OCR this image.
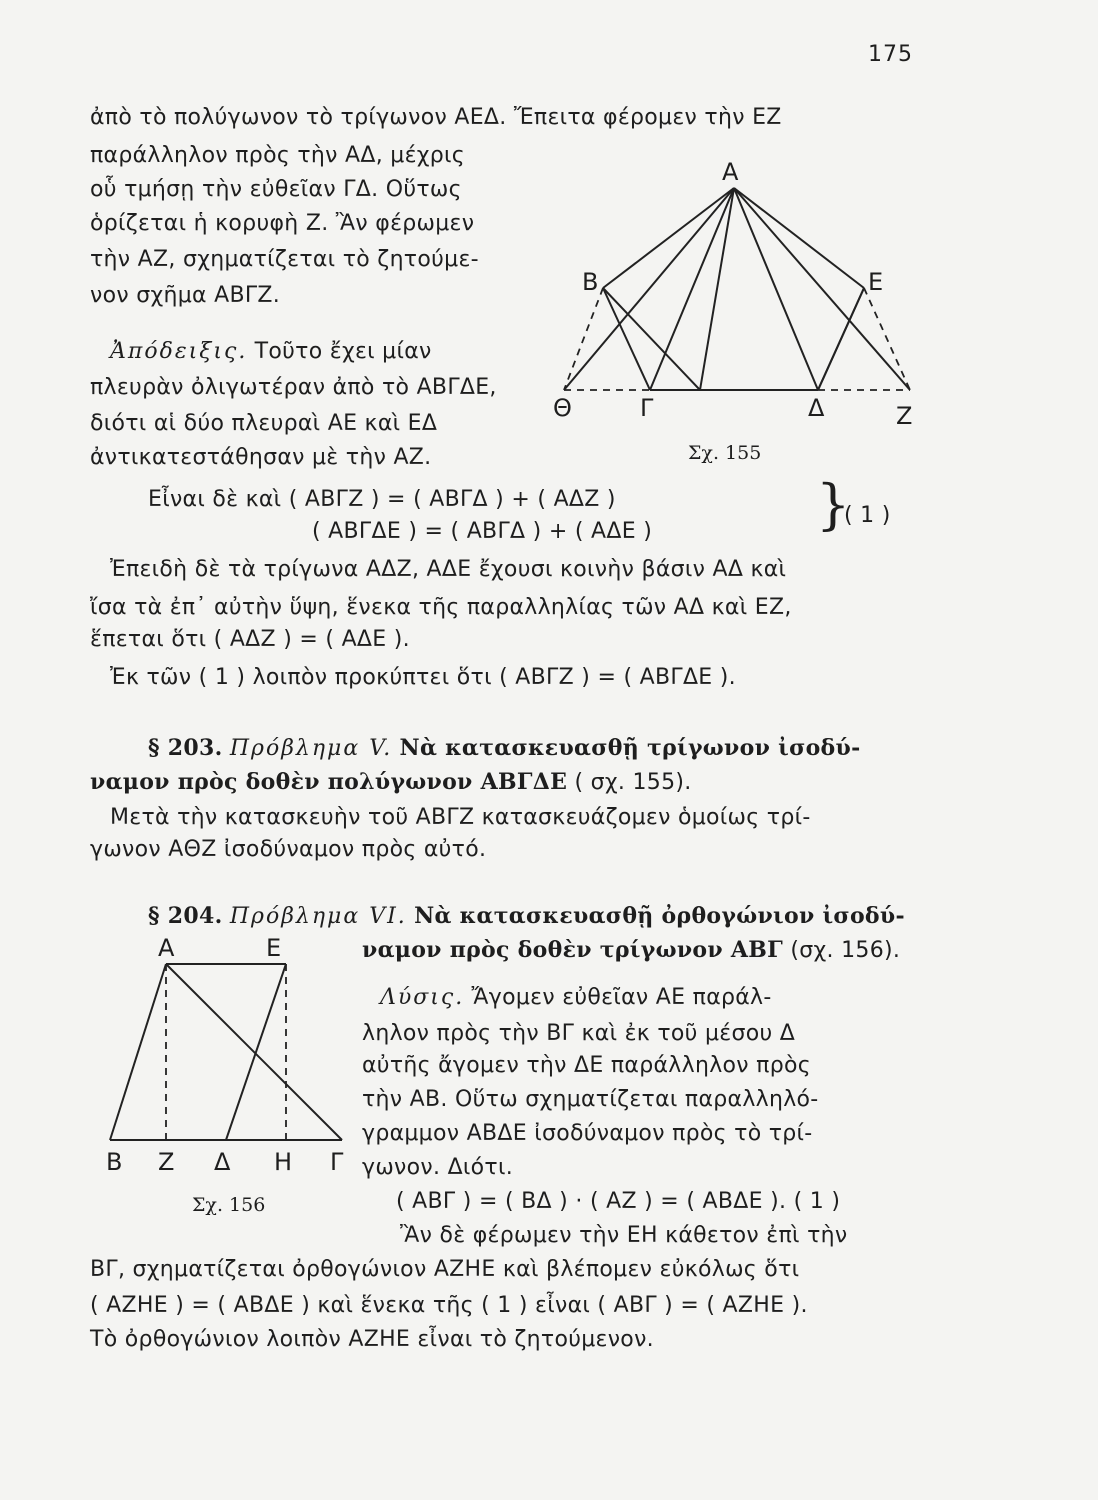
175
ἀπὸ τὸ πολύγωνον τὸ τρίγωνον ΑΕΔ. Ἔπειτα φέρομεν τὴν ΕΖ
παράλληλον πρὸς τὴν ΑΔ, μέχρις
οὗ τμήσῃ τὴν εὐθεῖαν ΓΔ. Οὕτως
ὁρίζεται ἡ κορυφὴ Ζ. Ἂν φέρωμεν
τὴν ΑΖ, σχηματίζεται τὸ ζητούμε-
νον σχῆμα ΑΒΓΖ.
Ἀπόδειξις. Τοῦτο ἔχει μίαν
πλευρὰν ὀλιγωτέραν ἀπὸ τὸ ΑΒΓΔΕ,
διότι αἱ δύο πλευραὶ ΑΕ καὶ ΕΔ
ἀντικατεστάθησαν μὲ τὴν ΑΖ.
Α
Β	Ε
Θ	Γ	Δ	Ζ
Σχ. 155
Εἶναι δὲ καὶ ( ΑΒΓΖ ) = ( ΑΒΓΔ ) + ( ΑΔΖ )
( ΑΒΓΔΕ ) = ( ΑΒΓΔ ) + ( ΑΔΕ )	}
( 1 )
Ἐπειδὴ δὲ τὰ τρίγωνα ΑΔΖ, ΑΔΕ ἔχουσι κοινὴν βάσιν ΑΔ καὶ
ἴσα τὰ ἐπ᾽ αὐτὴν ὕψη, ἕνεκα τῆς παραλληλίας τῶν ΑΔ καὶ ΕΖ,
ἕπεται ὅτι ( ΑΔΖ ) = ( ΑΔΕ ).
Ἐκ τῶν ( 1 ) λοιπὸν προκύπτει ὅτι ( ΑΒΓΖ ) = ( ΑΒΓΔΕ ).
§ 203. Πρόβλημα V. Νὰ κατασκευασθῇ τρίγωνον ἰσοδύ-
ναμον πρὸς δοθὲν πολύγωνον ΑΒΓΔΕ ( σχ. 155).
Μετὰ τὴν κατασκευὴν τοῦ ΑΒΓΖ κατασκευάζομεν ὁμοίως τρί-
γωνον ΑΘΖ ἰσοδύναμον πρὸς αὐτό.
§ 204. Πρόβλημα VI. Νὰ κατασκευασθῇ ὀρθογώνιον ἰσοδύ-
ναμον πρὸς δοθὲν τρίγωνον ΑΒΓ (σχ. 156).
Λύσις. Ἄγομεν εὐθεῖαν ΑΕ παράλ-
ληλον πρὸς τὴν ΒΓ καὶ ἐκ τοῦ μέσου Δ
αὐτῆς ἄγομεν τὴν ΔΕ παράλληλον πρὸς
τὴν ΑΒ. Οὕτω σχηματίζεται παραλληλό-
γραμμον ΑΒΔΕ ἰσοδύναμον πρὸς τὸ τρί-
γωνον. Διότι.
( ΑΒΓ ) = ( ΒΔ ) · ( ΑΖ ) = ( ΑΒΔΕ ). ( 1 )
Ἂν δὲ φέρωμεν τὴν ΕΗ κάθετον ἐπὶ τὴν
ΒΓ, σχηματίζεται ὀρθογώνιον ΑΖΗΕ καὶ βλέπομεν εὐκόλως ὅτι
( ΑΖΗΕ ) = ( ΑΒΔΕ ) καὶ ἕνεκα τῆς ( 1 ) εἶναι ( ΑΒΓ ) = ( ΑΖΗΕ ).
Τὸ ὀρθογώνιον λοιπὸν ΑΖΗΕ εἶναι τὸ ζητούμενον.
Α	Ε
Β Ζ Δ Η Γ
Σχ. 156
